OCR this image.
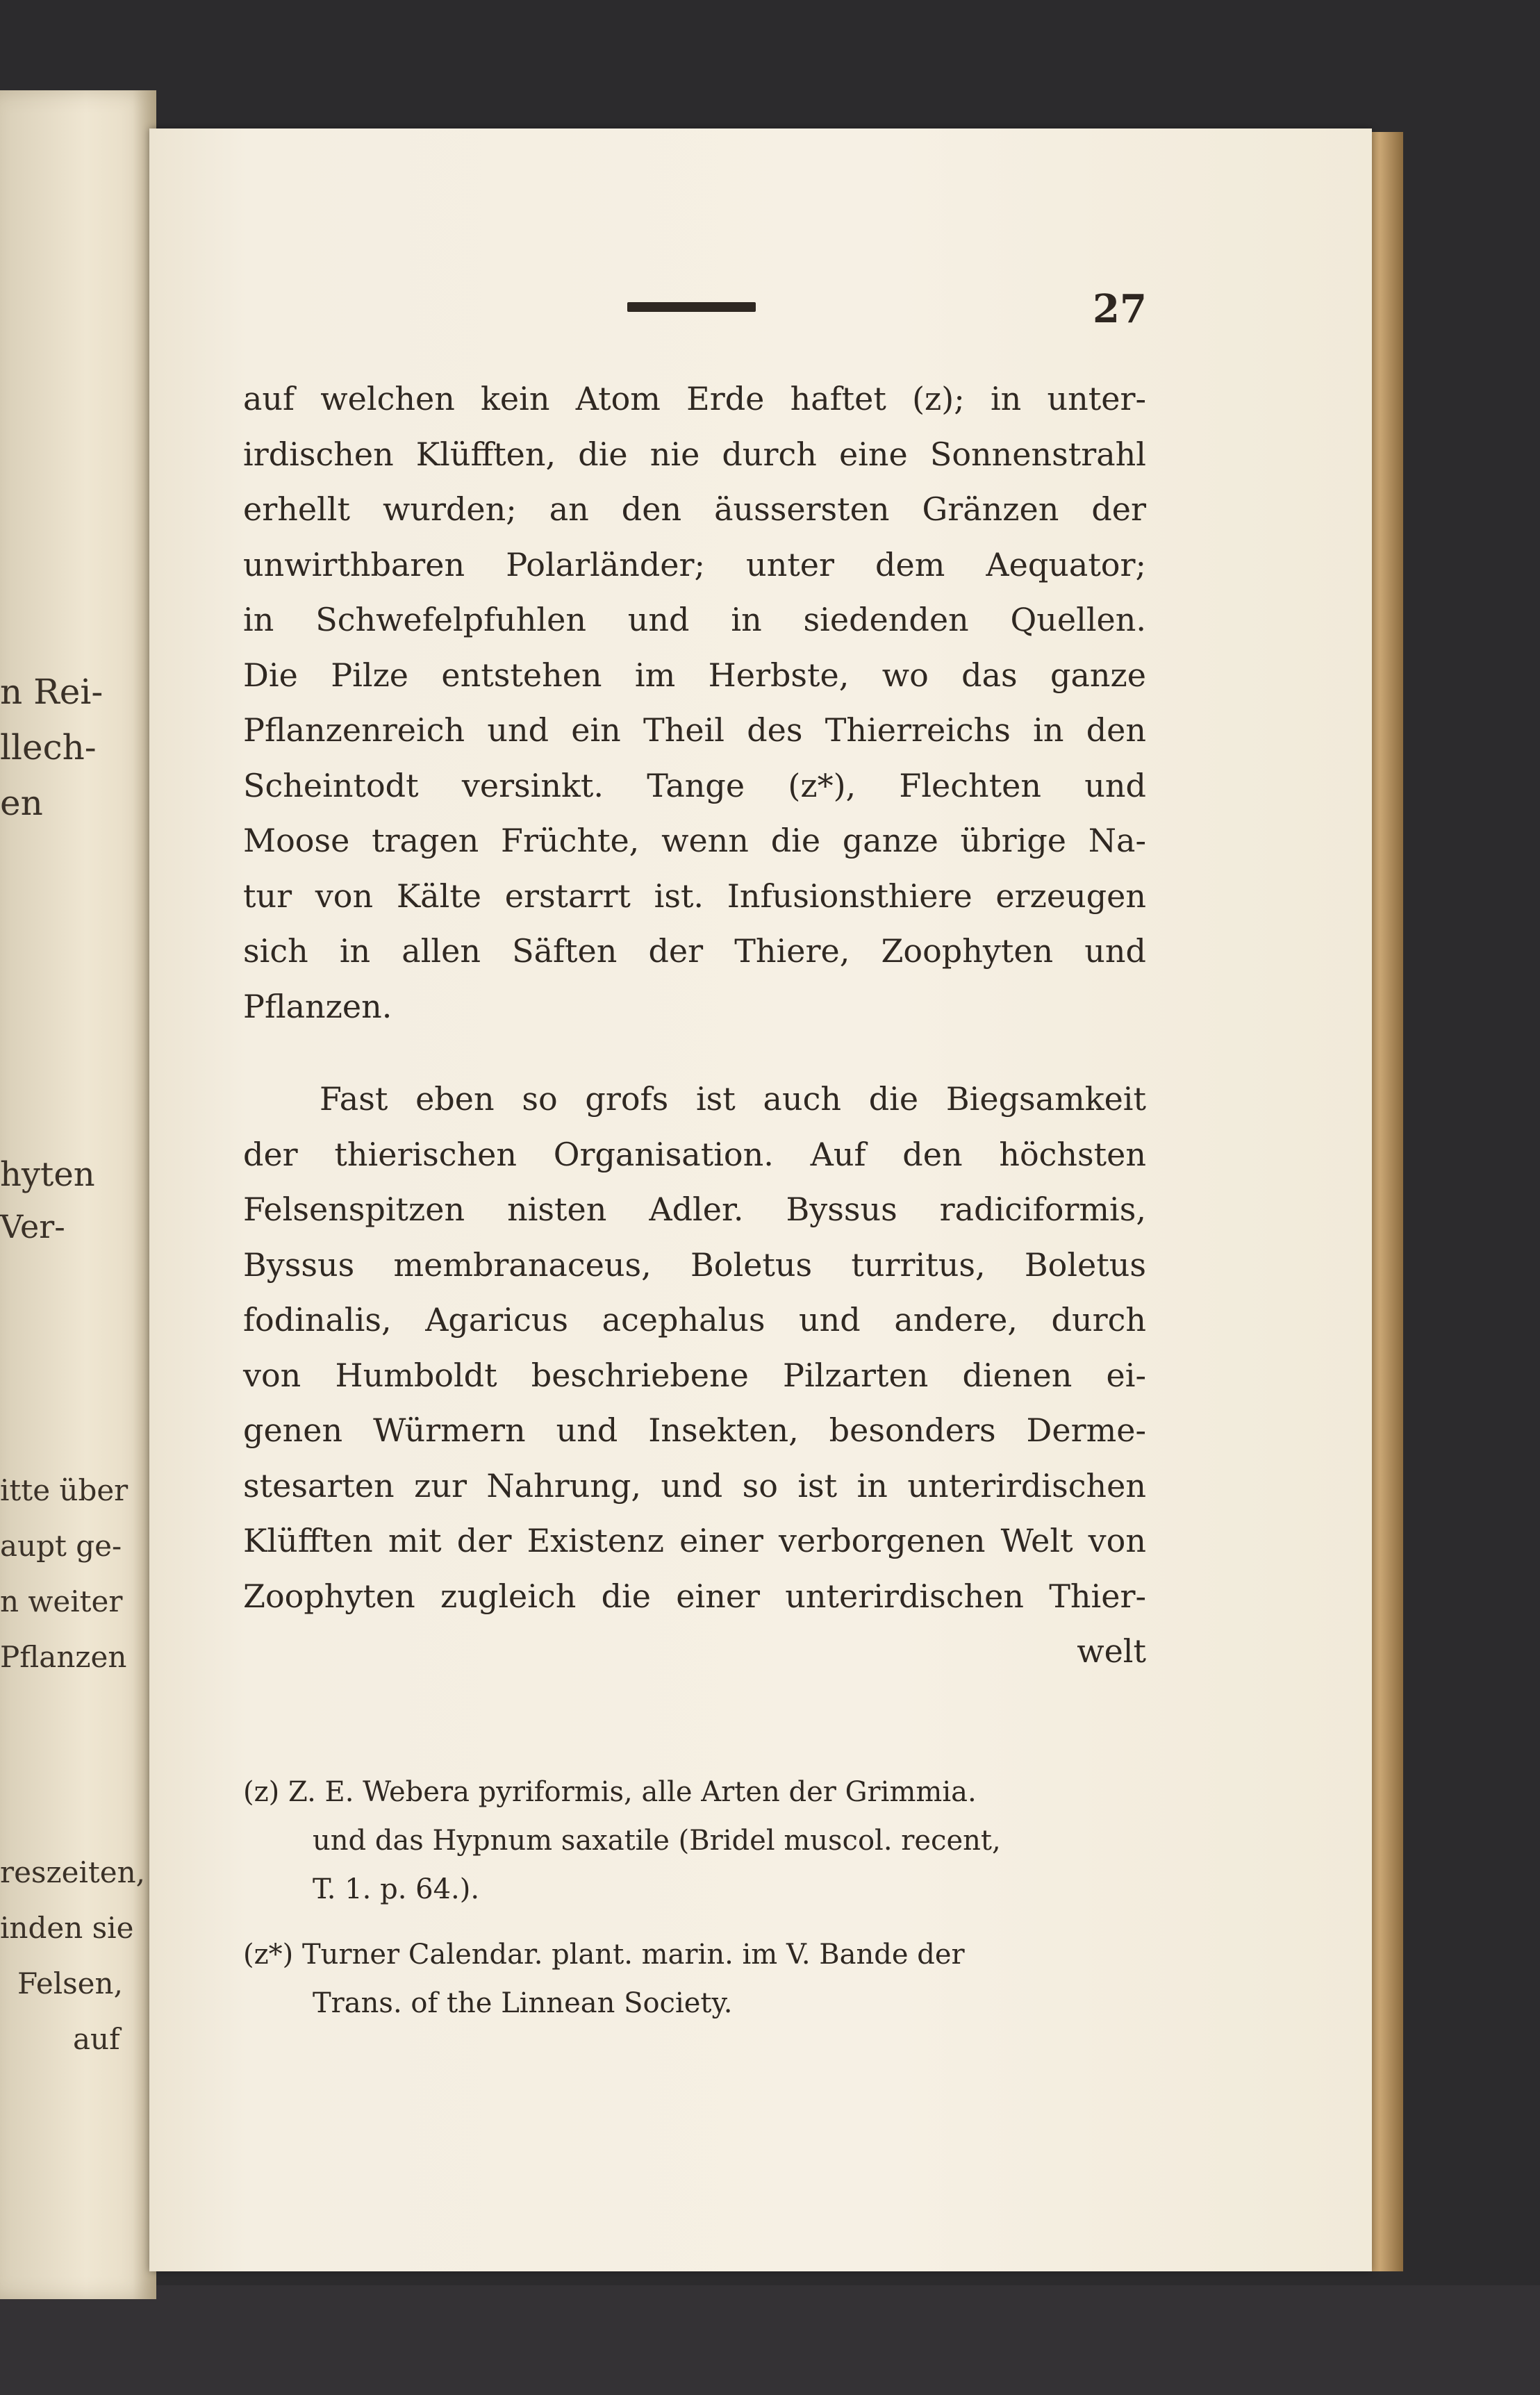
n Rei-
llech-
en
hyten
Ver-
itte über
aupt ge-
n weiter
Pflanzen
reszeiten,
inden sie
Felsen,
auf
27
auf welchen kein Atom Erde haftet (z); in unter-
irdischen Klüfften, die nie durch eine Sonnenstrahl
erhellt wurden; an den äussersten Gränzen der
unwirthbaren Polarländer; unter dem Aequator;
in Schwefelpfuhlen und in siedenden Quellen.
Die Pilze entstehen im Herbste, wo das ganze
Pflanzenreich und ein Theil des Thierreichs in den
Scheintodt versinkt. Tange (z*), Flechten und
Moose tragen Früchte, wenn die ganze übrige Na-
tur von Kälte erstarrt ist. Infusionsthiere erzeugen
sich in allen Säften der Thiere, Zoophyten und
Pflanzen.
Fast eben so grofs ist auch die Biegsamkeit
der thierischen Organisation. Auf den höchsten
Felsenspitzen nisten Adler. Byssus radiciformis,
Byssus membranaceus, Boletus turritus, Boletus
fodinalis, Agaricus acephalus und andere, durch
von Humboldt beschriebene Pilzarten dienen ei-
genen Würmern und Insekten, besonders Derme-
stesarten zur Nahrung, und so ist in unterirdischen
Klüfften mit der Existenz einer verborgenen Welt von
Zoophyten zugleich die einer unterirdischen Thier-
welt
(z) Z. E. Webera pyriformis, alle Arten der Grimmia.
und das Hypnum saxatile (Bridel muscol. recent,
T. 1. p. 64.).
(z*) Turner Calendar. plant. marin. im V. Bande der
Trans. of the Linnean Society.
